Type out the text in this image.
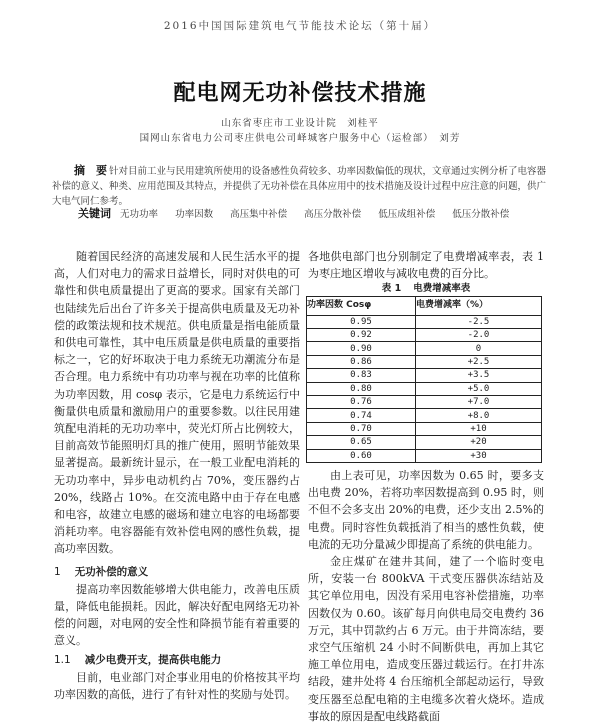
2016中国国际建筑电气节能技术论坛（第十届）
配电网无功补偿技术措施
山东省枣庄市工业设计院　刘桂平
国网山东省电力公司枣庄供电公司峄城客户服务中心（运检部）　刘芳
摘　要 针对目前工业与民用建筑所使用的设备感性负荷较多、功率因数偏低的现状，文章通过实例分析了电容器补偿的意义、种类、应用范围及其特点，并提供了无功补偿在具体应用中的技术措施及设计过程中应注意的问题，供广大电气同仁参考。
关键词 无功功率 功率因数 高压集中补偿 高压分散补偿 低压成组补偿 低压分散补偿

随着国民经济的高速发展和人民生活水平的提高，人们对电力的需求日益增长，同时对供电的可靠性和供电质量提出了更高的要求。国家有关部门也陆续先后出台了许多关于提高供电质量及无功补偿的政策法规和技术规范。供电质量是指电能质量和供电可靠性，其中电压质量是供电质量的重要指标之一，它的好坏取决于电力系统无功潮流分布是否合理。电力系统中有功功率与视在功率的比值称为功率因数，用 cosφ 表示，它是电力系统运行中衡量供电质量和激励用户的重要参数。以往民用建筑配电消耗的无功功率中，荧光灯所占比例较大，目前高效节能照明灯具的推广使用，照明节能效果显著提高。最新统计显示，在一般工业配电消耗的无功功率中，异步电动机约占 70%，变压器约占 20%，线路占 10%。在交流电路中由于存在电感和电容，故建立电感的磁场和建立电容的电场都要消耗功率。电容器能有效补偿电网的感性负载，提高功率因数。

1 无功补偿的意义

提高功率因数能够增大供电能力，改善电压质量，降低电能损耗。因此，解决好配电网络无功补偿的问题，对电网的安全性和降损节能有着重要的意义。

1.1 减少电费开支，提高供电能力

目前，电业部门对企事业用电的价格按其平均功率因数的高低，进行了有针对性的奖励与处罚。

各地供电部门也分别制定了电费增减率表，表 1 为枣庄地区增收与减收电费的百分比。

表 1 电费增减率表

功率因数 Cosφ	电费增减率（%）
0.95	-2.5
0.92	-2.0
0.90	0
0.86	+2.5
0.83	+3.5
0.80	+5.0
0.76	+7.0
0.74	+8.0
0.70	+10
0.65	+20
0.60	+30

由上表可见，功率因数为 0.65 时，要多支出电费 20%，若将功率因数提高到 0.95 时，则不但不会多支出 20%的电费，还少支出 2.5%的电费。同时容性负载抵消了相当的感性负载，使电流的无功分量减少即提高了系统的供电能力。

金庄煤矿在建井其间，建了一个临时变电所，安装一台 800kVA 干式变压器供冻结站及其它单位用电，因没有采用电容补偿措施，功率因数仅为 0.60。该矿每月向供电局交电费约 36 万元，其中罚款约占 6 万元。由于井筒冻结，要求空气压缩机 24 小时不间断供电，再加上其它施工单位用电，造成变压器过载运行。在打井冻结段，建井处将 4 台压缩机全部起动运行，导致变压器至总配电箱的主电缆多次着火烧坏。造成事故的原因是配电线路截面
